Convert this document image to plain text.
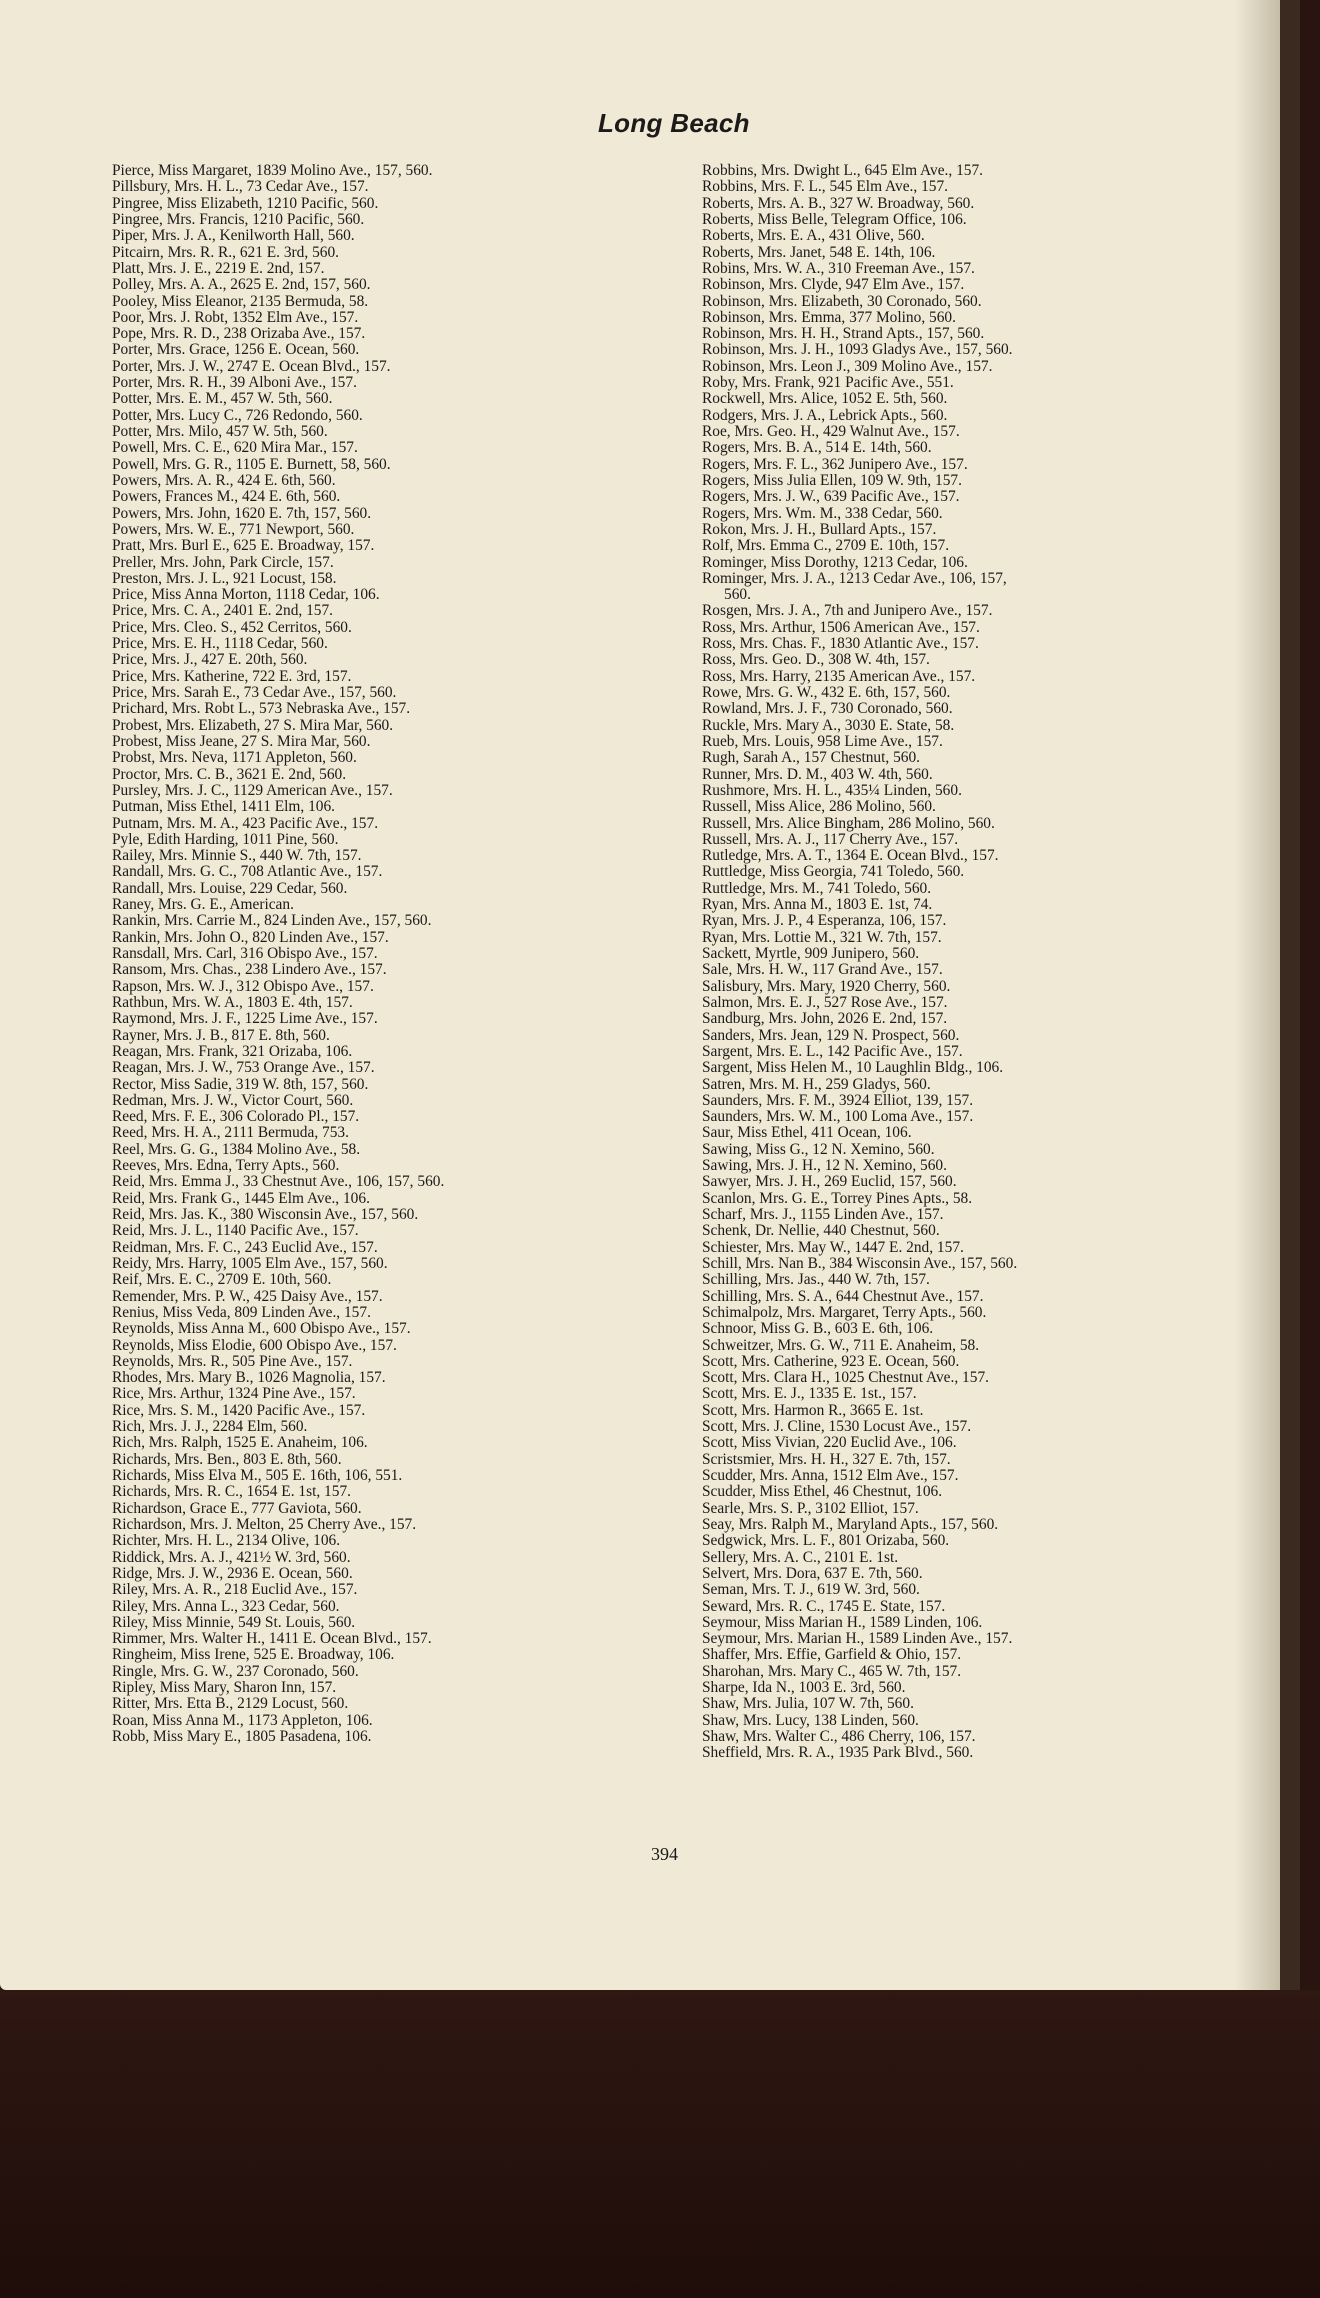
Long Beach
Pierce, Miss Margaret, 1839 Molino Ave., 157, 560.
Pillsbury, Mrs. H. L., 73 Cedar Ave., 157.
Pingree, Miss Elizabeth, 1210 Pacific, 560.
Pingree, Mrs. Francis, 1210 Pacific, 560.
Piper, Mrs. J. A., Kenilworth Hall, 560.
Pitcairn, Mrs. R. R., 621 E. 3rd, 560.
Platt, Mrs. J. E., 2219 E. 2nd, 157.
Polley, Mrs. A. A., 2625 E. 2nd, 157, 560.
Pooley, Miss Eleanor, 2135 Bermuda, 58.
Poor, Mrs. J. Robt, 1352 Elm Ave., 157.
Pope, Mrs. R. D., 238 Orizaba Ave., 157.
Porter, Mrs. Grace, 1256 E. Ocean, 560.
Porter, Mrs. J. W., 2747 E. Ocean Blvd., 157.
Porter, Mrs. R. H., 39 Alboni Ave., 157.
Potter, Mrs. E. M., 457 W. 5th, 560.
Potter, Mrs. Lucy C., 726 Redondo, 560.
Potter, Mrs. Milo, 457 W. 5th, 560.
Powell, Mrs. C. E., 620 Mira Mar., 157.
Powell, Mrs. G. R., 1105 E. Burnett, 58, 560.
Powers, Mrs. A. R., 424 E. 6th, 560.
Powers, Frances M., 424 E. 6th, 560.
Powers, Mrs. John, 1620 E. 7th, 157, 560.
Powers, Mrs. W. E., 771 Newport, 560.
Pratt, Mrs. Burl E., 625 E. Broadway, 157.
Preller, Mrs. John, Park Circle, 157.
Preston, Mrs. J. L., 921 Locust, 158.
Price, Miss Anna Morton, 1118 Cedar, 106.
Price, Mrs. C. A., 2401 E. 2nd, 157.
Price, Mrs. Cleo. S., 452 Cerritos, 560.
Price, Mrs. E. H., 1118 Cedar, 560.
Price, Mrs. J., 427 E. 20th, 560.
Price, Mrs. Katherine, 722 E. 3rd, 157.
Price, Mrs. Sarah E., 73 Cedar Ave., 157, 560.
Prichard, Mrs. Robt L., 573 Nebraska Ave., 157.
Probest, Mrs. Elizabeth, 27 S. Mira Mar, 560.
Probest, Miss Jeane, 27 S. Mira Mar, 560.
Probst, Mrs. Neva, 1171 Appleton, 560.
Proctor, Mrs. C. B., 3621 E. 2nd, 560.
Pursley, Mrs. J. C., 1129 American Ave., 157.
Putman, Miss Ethel, 1411 Elm, 106.
Putnam, Mrs. M. A., 423 Pacific Ave., 157.
Pyle, Edith Harding, 1011 Pine, 560.
Railey, Mrs. Minnie S., 440 W. 7th, 157.
Randall, Mrs. G. C., 708 Atlantic Ave., 157.
Randall, Mrs. Louise, 229 Cedar, 560.
Raney, Mrs. G. E., American.
Rankin, Mrs. Carrie M., 824 Linden Ave., 157, 560.
Rankin, Mrs. John O., 820 Linden Ave., 157.
Ransdall, Mrs. Carl, 316 Obispo Ave., 157.
Ransom, Mrs. Chas., 238 Lindero Ave., 157.
Rapson, Mrs. W. J., 312 Obispo Ave., 157.
Rathbun, Mrs. W. A., 1803 E. 4th, 157.
Raymond, Mrs. J. F., 1225 Lime Ave., 157.
Rayner, Mrs. J. B., 817 E. 8th, 560.
Reagan, Mrs. Frank, 321 Orizaba, 106.
Reagan, Mrs. J. W., 753 Orange Ave., 157.
Rector, Miss Sadie, 319 W. 8th, 157, 560.
Redman, Mrs. J. W., Victor Court, 560.
Reed, Mrs. F. E., 306 Colorado Pl., 157.
Reed, Mrs. H. A., 2111 Bermuda, 753.
Reel, Mrs. G. G., 1384 Molino Ave., 58.
Reeves, Mrs. Edna, Terry Apts., 560.
Reid, Mrs. Emma J., 33 Chestnut Ave., 106, 157, 560.
Reid, Mrs. Frank G., 1445 Elm Ave., 106.
Reid, Mrs. Jas. K., 380 Wisconsin Ave., 157, 560.
Reid, Mrs. J. L., 1140 Pacific Ave., 157.
Reidman, Mrs. F. C., 243 Euclid Ave., 157.
Reidy, Mrs. Harry, 1005 Elm Ave., 157, 560.
Reif, Mrs. E. C., 2709 E. 10th, 560.
Remender, Mrs. P. W., 425 Daisy Ave., 157.
Renius, Miss Veda, 809 Linden Ave., 157.
Reynolds, Miss Anna M., 600 Obispo Ave., 157.
Reynolds, Miss Elodie, 600 Obispo Ave., 157.
Reynolds, Mrs. R., 505 Pine Ave., 157.
Rhodes, Mrs. Mary B., 1026 Magnolia, 157.
Rice, Mrs. Arthur, 1324 Pine Ave., 157.
Rice, Mrs. S. M., 1420 Pacific Ave., 157.
Rich, Mrs. J. J., 2284 Elm, 560.
Rich, Mrs. Ralph, 1525 E. Anaheim, 106.
Richards, Mrs. Ben., 803 E. 8th, 560.
Richards, Miss Elva M., 505 E. 16th, 106, 551.
Richards, Mrs. R. C., 1654 E. 1st, 157.
Richardson, Grace E., 777 Gaviota, 560.
Richardson, Mrs. J. Melton, 25 Cherry Ave., 157.
Richter, Mrs. H. L., 2134 Olive, 106.
Riddick, Mrs. A. J., 421½ W. 3rd, 560.
Ridge, Mrs. J. W., 2936 E. Ocean, 560.
Riley, Mrs. A. R., 218 Euclid Ave., 157.
Riley, Mrs. Anna L., 323 Cedar, 560.
Riley, Miss Minnie, 549 St. Louis, 560.
Rimmer, Mrs. Walter H., 1411 E. Ocean Blvd., 157.
Ringheim, Miss Irene, 525 E. Broadway, 106.
Ringle, Mrs. G. W., 237 Coronado, 560.
Ripley, Miss Mary, Sharon Inn, 157.
Ritter, Mrs. Etta B., 2129 Locust, 560.
Roan, Miss Anna M., 1173 Appleton, 106.
Robb, Miss Mary E., 1805 Pasadena, 106.
Robbins, Mrs. Dwight L., 645 Elm Ave., 157.
Robbins, Mrs. F. L., 545 Elm Ave., 157.
Roberts, Mrs. A. B., 327 W. Broadway, 560.
Roberts, Miss Belle, Telegram Office, 106.
Roberts, Mrs. E. A., 431 Olive, 560.
Roberts, Mrs. Janet, 548 E. 14th, 106.
Robins, Mrs. W. A., 310 Freeman Ave., 157.
Robinson, Mrs. Clyde, 947 Elm Ave., 157.
Robinson, Mrs. Elizabeth, 30 Coronado, 560.
Robinson, Mrs. Emma, 377 Molino, 560.
Robinson, Mrs. H. H., Strand Apts., 157, 560.
Robinson, Mrs. J. H., 1093 Gladys Ave., 157, 560.
Robinson, Mrs. Leon J., 309 Molino Ave., 157.
Roby, Mrs. Frank, 921 Pacific Ave., 551.
Rockwell, Mrs. Alice, 1052 E. 5th, 560.
Rodgers, Mrs. J. A., Lebrick Apts., 560.
Roe, Mrs. Geo. H., 429 Walnut Ave., 157.
Rogers, Mrs. B. A., 514 E. 14th, 560.
Rogers, Mrs. F. L., 362 Junipero Ave., 157.
Rogers, Miss Julia Ellen, 109 W. 9th, 157.
Rogers, Mrs. J. W., 639 Pacific Ave., 157.
Rogers, Mrs. Wm. M., 338 Cedar, 560.
Rokon, Mrs. J. H., Bullard Apts., 157.
Rolf, Mrs. Emma C., 2709 E. 10th, 157.
Rominger, Miss Dorothy, 1213 Cedar, 106.
Rominger, Mrs. J. A., 1213 Cedar Ave., 106, 157,
560.
Rosgen, Mrs. J. A., 7th and Junipero Ave., 157.
Ross, Mrs. Arthur, 1506 American Ave., 157.
Ross, Mrs. Chas. F., 1830 Atlantic Ave., 157.
Ross, Mrs. Geo. D., 308 W. 4th, 157.
Ross, Mrs. Harry, 2135 American Ave., 157.
Rowe, Mrs. G. W., 432 E. 6th, 157, 560.
Rowland, Mrs. J. F., 730 Coronado, 560.
Ruckle, Mrs. Mary A., 3030 E. State, 58.
Rueb, Mrs. Louis, 958 Lime Ave., 157.
Rugh, Sarah A., 157 Chestnut, 560.
Runner, Mrs. D. M., 403 W. 4th, 560.
Rushmore, Mrs. H. L., 435¼ Linden, 560.
Russell, Miss Alice, 286 Molino, 560.
Russell, Mrs. Alice Bingham, 286 Molino, 560.
Russell, Mrs. A. J., 117 Cherry Ave., 157.
Rutledge, Mrs. A. T., 1364 E. Ocean Blvd., 157.
Ruttledge, Miss Georgia, 741 Toledo, 560.
Ruttledge, Mrs. M., 741 Toledo, 560.
Ryan, Mrs. Anna M., 1803 E. 1st, 74.
Ryan, Mrs. J. P., 4 Esperanza, 106, 157.
Ryan, Mrs. Lottie M., 321 W. 7th, 157.
Sackett, Myrtle, 909 Junipero, 560.
Sale, Mrs. H. W., 117 Grand Ave., 157.
Salisbury, Mrs. Mary, 1920 Cherry, 560.
Salmon, Mrs. E. J., 527 Rose Ave., 157.
Sandburg, Mrs. John, 2026 E. 2nd, 157.
Sanders, Mrs. Jean, 129 N. Prospect, 560.
Sargent, Mrs. E. L., 142 Pacific Ave., 157.
Sargent, Miss Helen M., 10 Laughlin Bldg., 106.
Satren, Mrs. M. H., 259 Gladys, 560.
Saunders, Mrs. F. M., 3924 Elliot, 139, 157.
Saunders, Mrs. W. M., 100 Loma Ave., 157.
Saur, Miss Ethel, 411 Ocean, 106.
Sawing, Miss G., 12 N. Xemino, 560.
Sawing, Mrs. J. H., 12 N. Xemino, 560.
Sawyer, Mrs. J. H., 269 Euclid, 157, 560.
Scanlon, Mrs. G. E., Torrey Pines Apts., 58.
Scharf, Mrs. J., 1155 Linden Ave., 157.
Schenk, Dr. Nellie, 440 Chestnut, 560.
Schiester, Mrs. May W., 1447 E. 2nd, 157.
Schill, Mrs. Nan B., 384 Wisconsin Ave., 157, 560.
Schilling, Mrs. Jas., 440 W. 7th, 157.
Schilling, Mrs. S. A., 644 Chestnut Ave., 157.
Schimalpolz, Mrs. Margaret, Terry Apts., 560.
Schnoor, Miss G. B., 603 E. 6th, 106.
Schweitzer, Mrs. G. W., 711 E. Anaheim, 58.
Scott, Mrs. Catherine, 923 E. Ocean, 560.
Scott, Mrs. Clara H., 1025 Chestnut Ave., 157.
Scott, Mrs. E. J., 1335 E. 1st., 157.
Scott, Mrs. Harmon R., 3665 E. 1st.
Scott, Mrs. J. Cline, 1530 Locust Ave., 157.
Scott, Miss Vivian, 220 Euclid Ave., 106.
Scristsmier, Mrs. H. H., 327 E. 7th, 157.
Scudder, Mrs. Anna, 1512 Elm Ave., 157.
Scudder, Miss Ethel, 46 Chestnut, 106.
Searle, Mrs. S. P., 3102 Elliot, 157.
Seay, Mrs. Ralph M., Maryland Apts., 157, 560.
Sedgwick, Mrs. L. F., 801 Orizaba, 560.
Sellery, Mrs. A. C., 2101 E. 1st.
Selvert, Mrs. Dora, 637 E. 7th, 560.
Seman, Mrs. T. J., 619 W. 3rd, 560.
Seward, Mrs. R. C., 1745 E. State, 157.
Seymour, Miss Marian H., 1589 Linden, 106.
Seymour, Mrs. Marian H., 1589 Linden Ave., 157.
Shaffer, Mrs. Effie, Garfield & Ohio, 157.
Sharohan, Mrs. Mary C., 465 W. 7th, 157.
Sharpe, Ida N., 1003 E. 3rd, 560.
Shaw, Mrs. Julia, 107 W. 7th, 560.
Shaw, Mrs. Lucy, 138 Linden, 560.
Shaw, Mrs. Walter C., 486 Cherry, 106, 157.
Sheffield, Mrs. R. A., 1935 Park Blvd., 560.
394
